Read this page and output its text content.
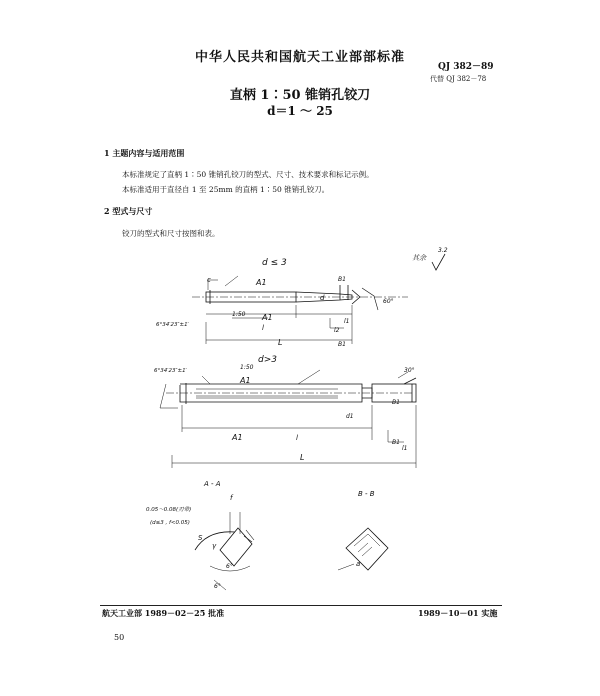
中华人民共和国航天工业部部标准
QJ 382－89
代替 QJ 382－78
直柄 1∶50 锥销孔铰刀
d＝1 ～ 25
1 主题内容与适用范围
本标准规定了直柄 1∶50 锥销孔铰刀的型式、尺寸、技术要求和标记示例。
本标准适用于直径自 1 至 25mm 的直柄 1∶50 锥销孔铰刀。
2 型式与尺寸
铰刀的型式和尺寸按图和表。
其余
3.2
d ≤ 3
c	A1	B1
d	60°
1:50 A1
6°34′23″±1′	l1
l2
l
L	B1
d>3
6°34′23″±1′	1:50
A1
30°
B1
d1
A1	l
B1
l1
L
A - A
B - B
f
0.05～0.08(刃带)
(d≤3 , f<0.05)
S
γ
6°
6°
a
航天工业部 1989－02－25 批准	1989－10－01 实施
50
